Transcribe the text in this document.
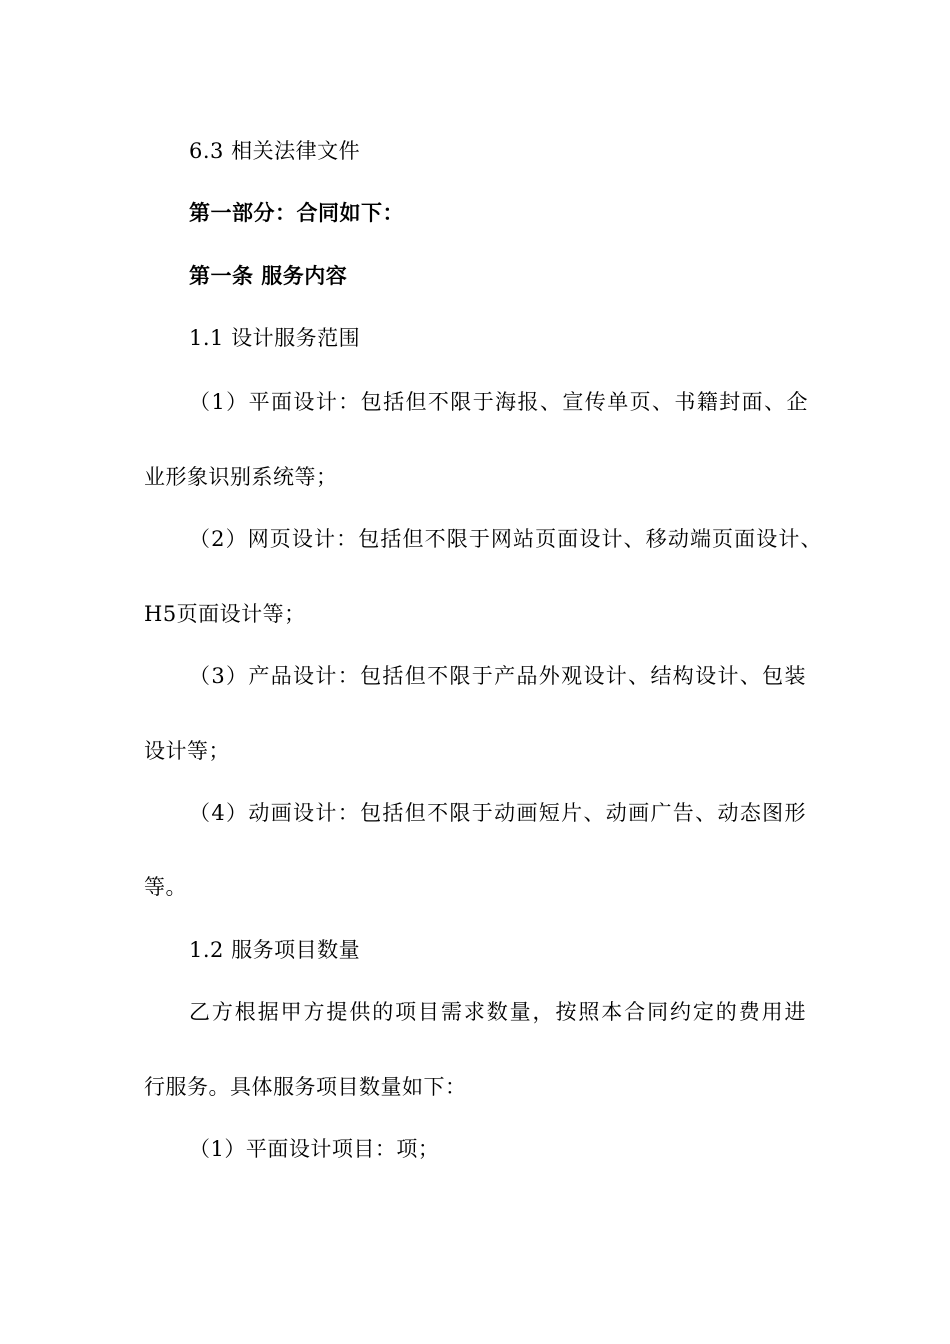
6.3 相关法律文件
第一部分：合同如下：
第一条 服务内容
1.1 设计服务范围
（1）平面设计：包括但不限于海报、宣传单页、书籍封面、企
业形象识别系统等；
（2）网页设计：包括但不限于网站页面设计、移动端页面设计、
H5页面设计等；
（3）产品设计：包括但不限于产品外观设计、结构设计、包装
设计等；
（4）动画设计：包括但不限于动画短片、动画广告、动态图形
等。
1.2 服务项目数量
乙方根据甲方提供的项目需求数量，按照本合同约定的费用进
行服务。具体服务项目数量如下：
（1）平面设计项目：项；
